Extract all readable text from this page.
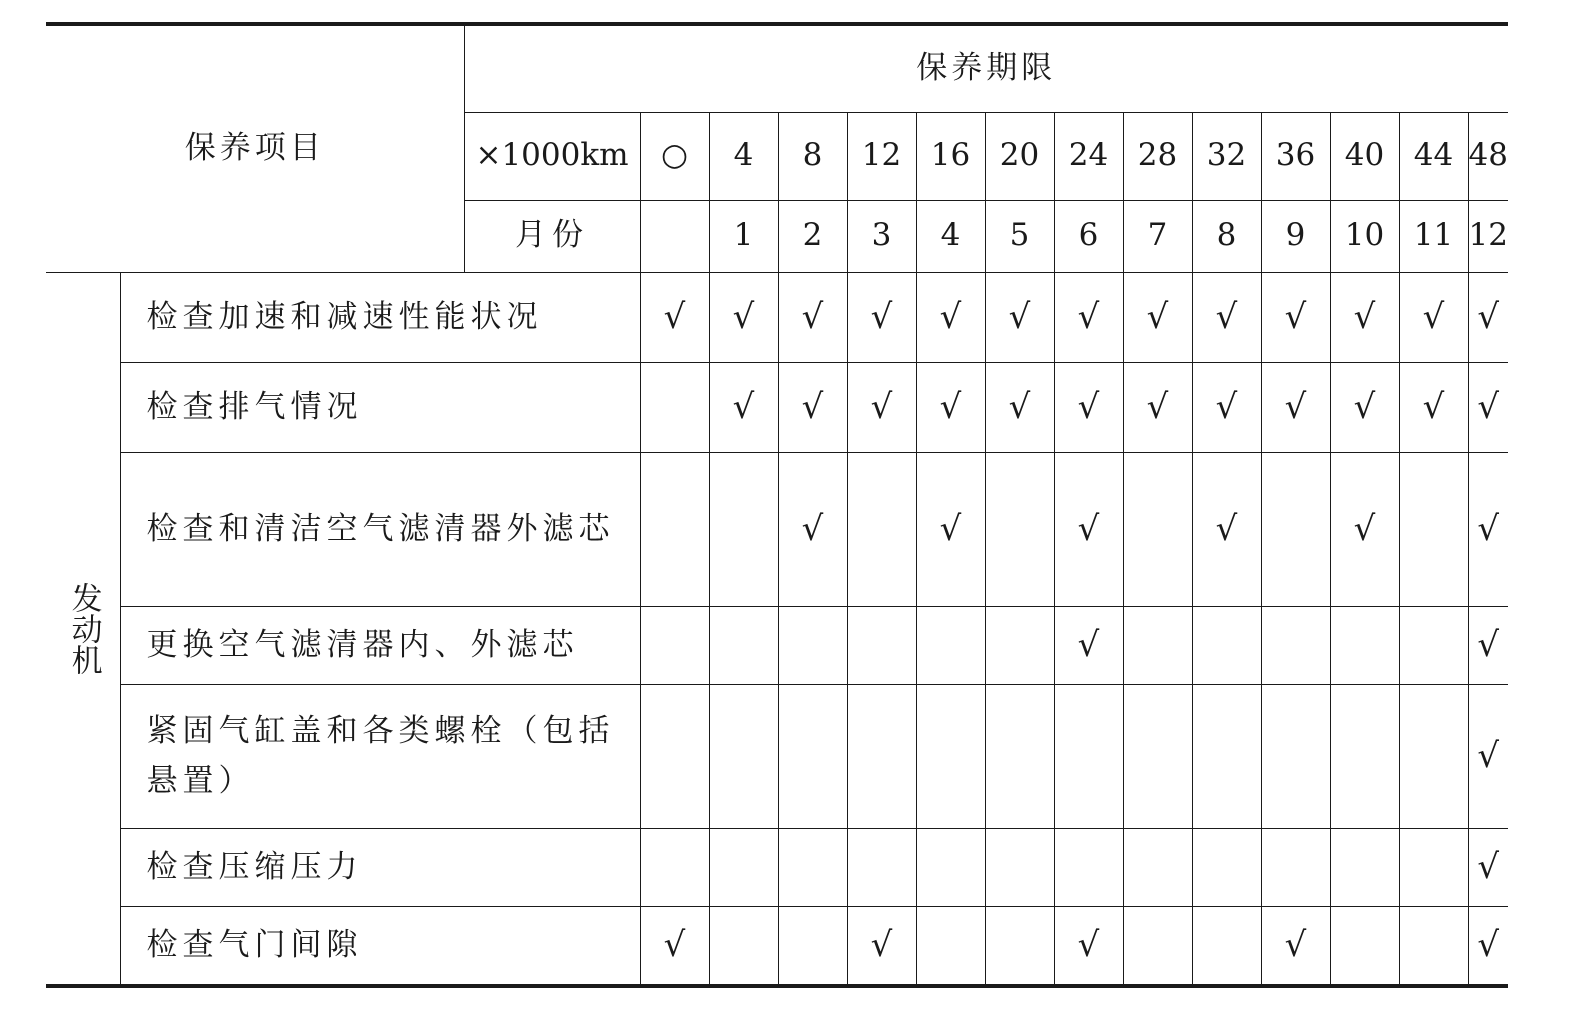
保养项目		保养期限													
		×1000km	○	4	8	12	16	20	24	28	32	36	40	44	48
		月份		1	2	3	4	5	6	7	8	9	10	11	12

发动机	检查加速和减速性能状况		√	√	√	√	√	√	√	√	√	√	√	√	√
	检查排气情况			√	√	√	√	√	√	√	√	√	√	√	√
	检查和清洁空气滤清器外滤芯				√		√		√		√		√		√
	更换空气滤清器内、外滤芯								√						√
	紧固气缸盖和各类螺栓（包括悬置）														√
	检查压缩压力														√
	检查气门间隙		√			√			√			√			√
